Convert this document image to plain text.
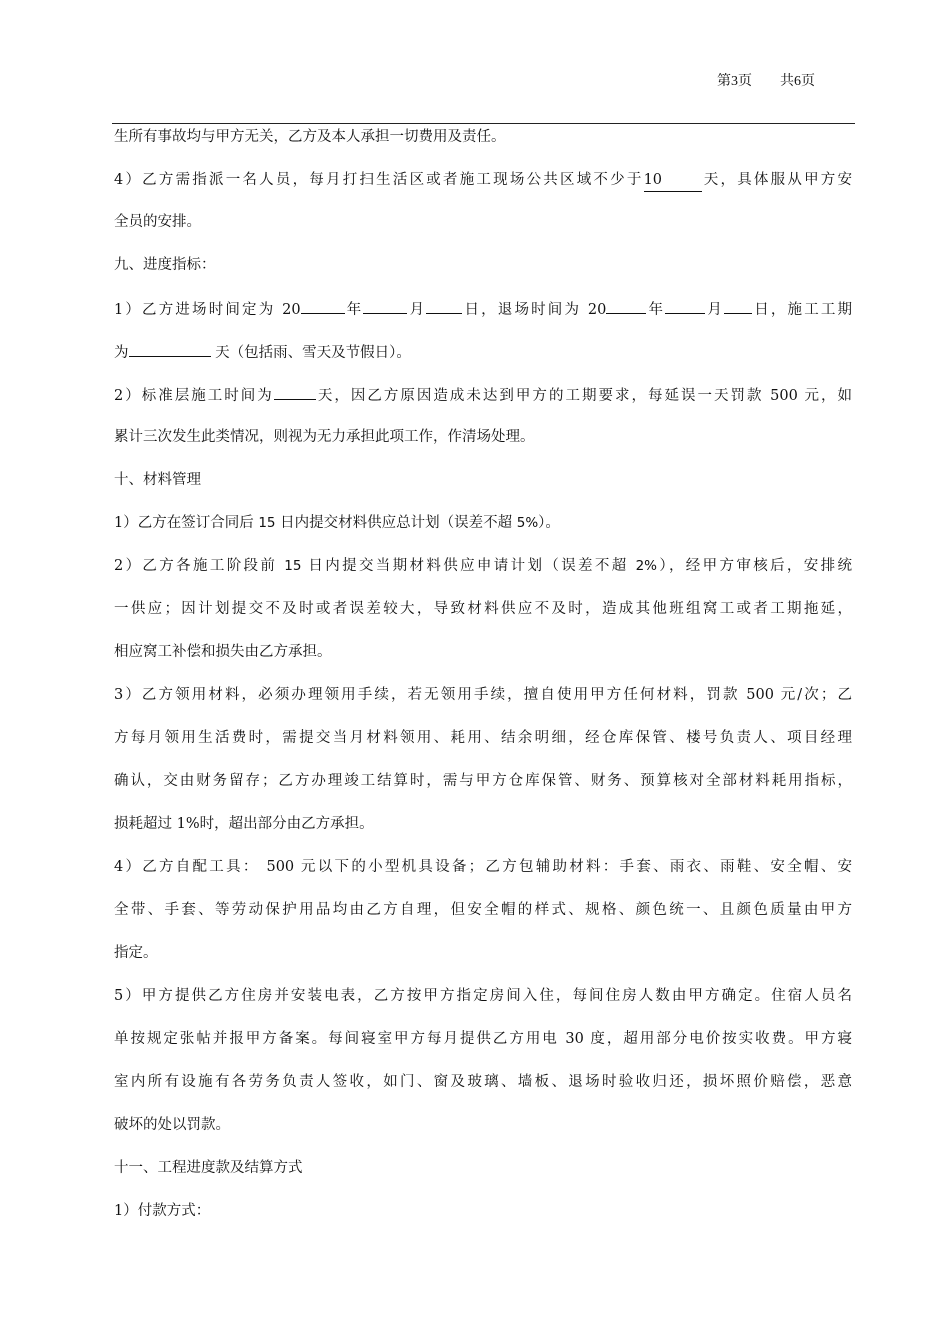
第3页 共6页
生所有事故均与甲方无关，乙方及本人承担一切费用及责任。
4）乙方需指派一名人员，每月打扫生活区或者施工现场公共区域不少于10	天，具体服从甲方安
全员的安排。
九、进度指标：
1）乙方进场时间定为 20	年	月 日，退场时间为 20	年	月 日，施工工期
为	天（包括雨、雪天及节假日）。
2）标准层施工时间为	天，因乙方原因造成未达到甲方的工期要求，每延误一天罚款 500 元，如
累计三次发生此类情况，则视为无力承担此项工作，作清场处理。
十、材料管理
1）乙方在签订合同后 15 日内提交材料供应总计划（误差不超 5%）。
2）乙方各施工阶段前 15 日内提交当期材料供应申请计划（误差不超 2%），经甲方审核后，安排统
一供应；因计划提交不及时或者误差较大，导致材料供应不及时，造成其他班组窝工或者工期拖延，
相应窝工补偿和损失由乙方承担。
3）乙方领用材料，必须办理领用手续，若无领用手续，擅自使用甲方任何材料，罚款 500 元/次；乙
方每月领用生活费时，需提交当月材料领用、耗用、结余明细，经仓库保管、楼号负责人、项目经理
确认，交由财务留存；乙方办理竣工结算时，需与甲方仓库保管、财务、预算核对全部材料耗用指标，
损耗超过 1%时，超出部分由乙方承担。
4）乙方自配工具： 500 元以下的小型机具设备；乙方包辅助材料：手套、雨衣、雨鞋、安全帽、安
全带、手套、等劳动保护用品均由乙方自理，但安全帽的样式、规格、颜色统一、且颜色质量由甲方
指定。
5）甲方提供乙方住房并安装电表，乙方按甲方指定房间入住，每间住房人数由甲方确定。住宿人员名
单按规定张帖并报甲方备案。每间寝室甲方每月提供乙方用电 30 度，超用部分电价按实收费。甲方寝
室内所有设施有各劳务负责人签收，如门、窗及玻璃、墙板、退场时验收归还，损坏照价赔偿，恶意
破坏的处以罚款。
十一、工程进度款及结算方式
1）付款方式：
